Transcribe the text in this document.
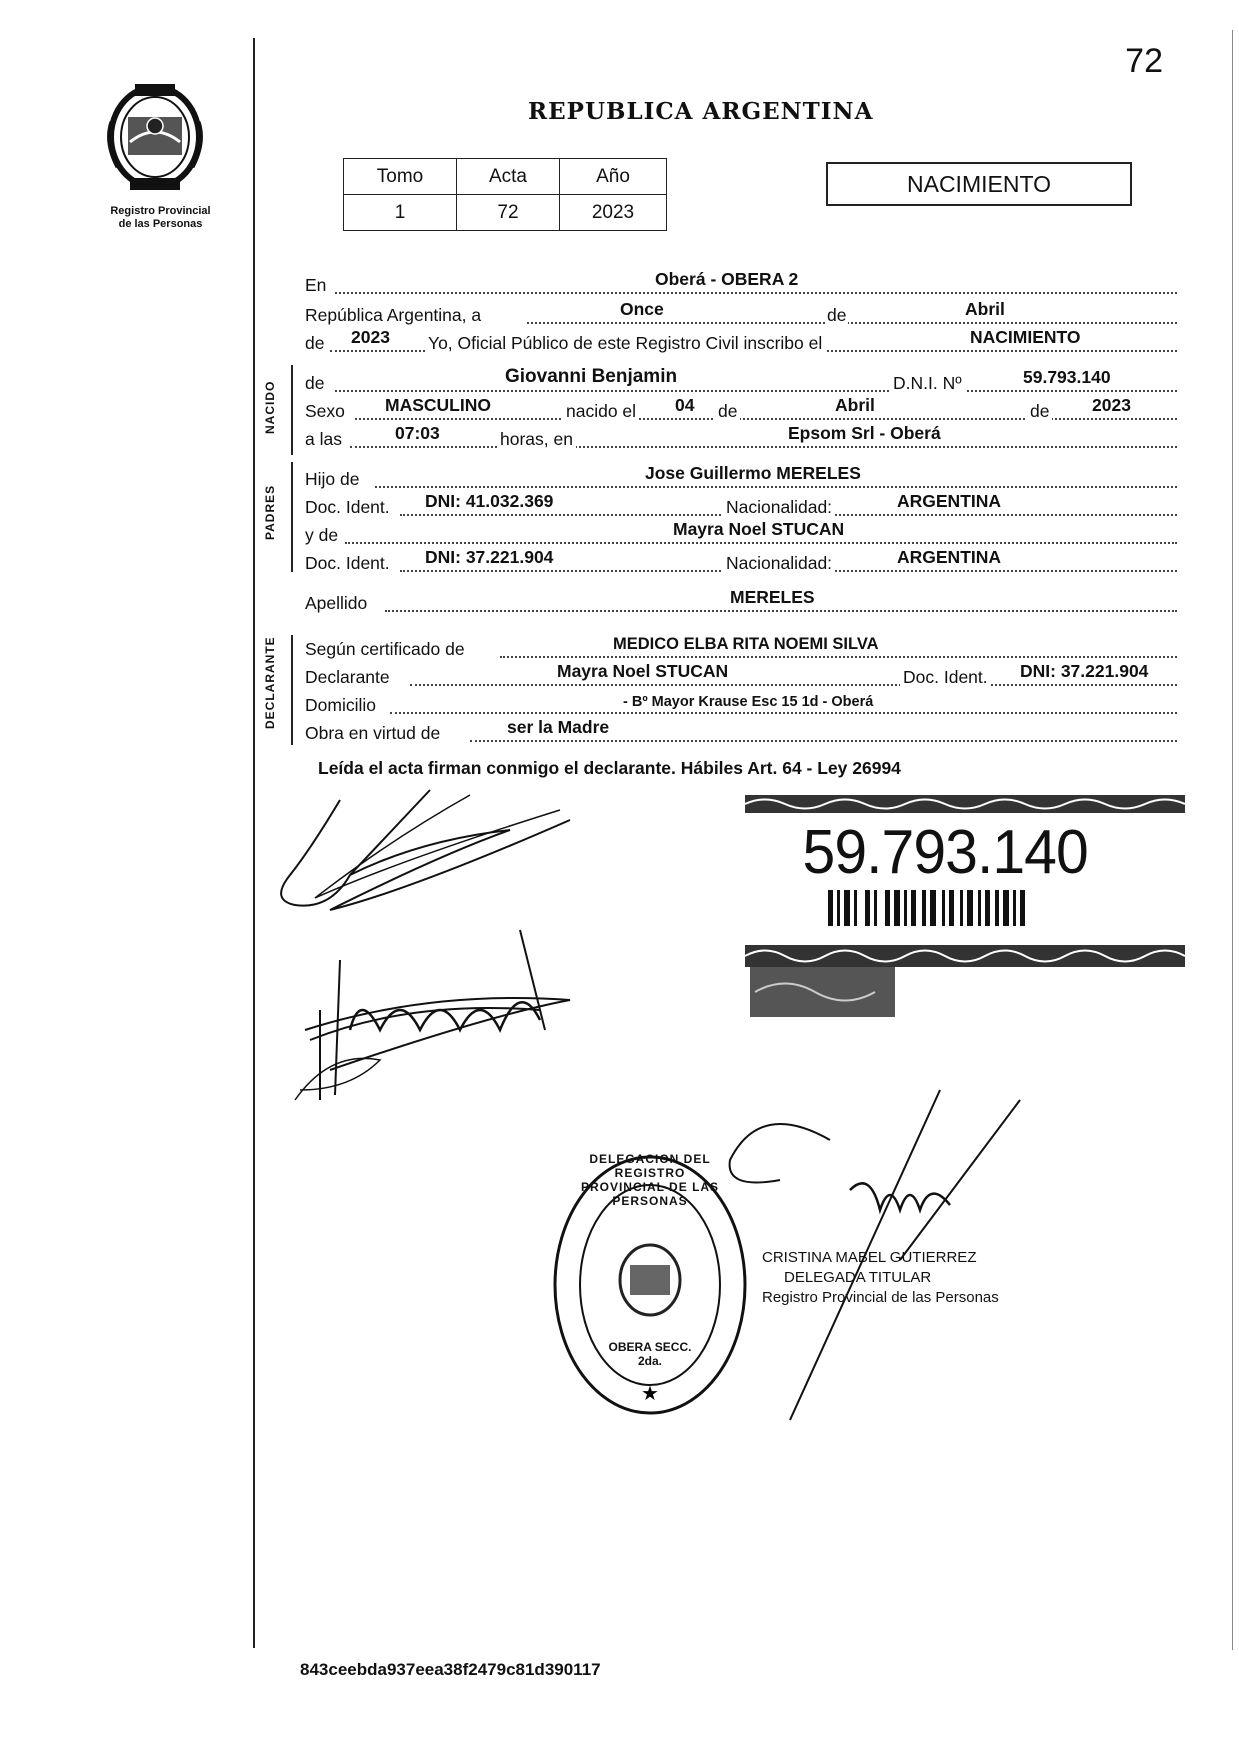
72
Registro Provincial
de las Personas
REPUBLICA ARGENTINA
Tomo	Acta	Año
1	72	2023
NACIMIENTO
En	Oberá - OBERA 2
República Argentina, a	Once	de	Abril
de 2023 Yo, Oficial Público de este Registro Civil inscribo el	NACIMIENTO
NACIDO de	Giovanni Benjamin	D.N.I. Nº	59.793.140
Sexo MASCULINO	nacido el 04 de	Abril	de 2023
a las	07:03	horas, en	Epsom Srl - Oberá
PADRES
Hijo de	Jose Guillermo MERELES
Doc. Ident. DNI: 41.032.369	Nacionalidad:	ARGENTINA
y de	Mayra Noel STUCAN
Doc. Ident. DNI: 37.221.904	Nacionalidad:	ARGENTINA
Apellido	MERELES
DECLARANTE Según certificado de	MEDICO ELBA RITA NOEMI SILVA
Declarante	Mayra Noel STUCAN	Doc. Ident. DNI: 37.221.904
Domicilio	- Bº Mayor Krause Esc 15 1d - Oberá
Obra en virtud de	ser la Madre
Leída el acta firman conmigo el declarante. Hábiles Art. 64 - Ley 26994
59.793.140
★
DELEGACION DEL REGISTRO PROVINCIAL DE LAS PERSONAS
OBERA SECC. 2da.
CRISTINA MABEL GUTIERREZ
DELEGADA TITULAR
Registro Provincial de las Personas
843ceebda937eea38f2479c81d390117
